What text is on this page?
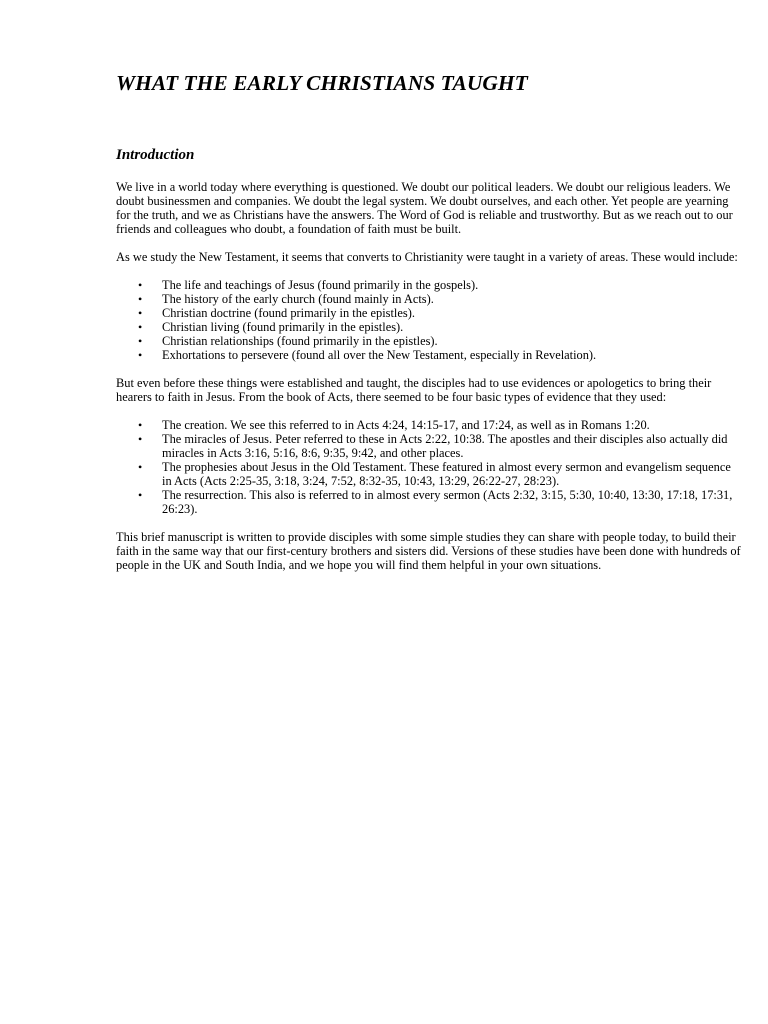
WHAT THE EARLY CHRISTIANS TAUGHT
Introduction

We live in a world today where everything is questioned. We doubt our political leaders. We doubt our religious leaders. We doubt businessmen and companies. We doubt the legal system. We doubt ourselves, and each other. Yet people are yearning for the truth, and we as Christians have the answers. The Word of God is reliable and trustworthy. But as we reach out to our friends and colleagues who doubt, a foundation of faith must be built.

As we study the New Testament, it seems that converts to Christianity were taught in a variety of areas. These would include:

• The life and teachings of Jesus (found primarily in the gospels).
• The history of the early church (found mainly in Acts).
• Christian doctrine (found primarily in the epistles).
• Christian living (found primarily in the epistles).
• Christian relationships (found primarily in the epistles).
• Exhortations to persevere (found all over the New Testament, especially in Revelation).

But even before these things were established and taught, the disciples had to use evidences or apologetics to bring their hearers to faith in Jesus. From the book of Acts, there seemed to be four basic types of evidence that they used:

• The creation. We see this referred to in Acts 4:24, 14:15-17, and 17:24, as well as in Romans 1:20.
• The miracles of Jesus. Peter referred to these in Acts 2:22, 10:38. The apostles and their disciples also actually did miracles in Acts 3:16, 5:16, 8:6, 9:35, 9:42, and other places.
• The prophesies about Jesus in the Old Testament. These featured in almost every sermon and evangelism sequence in Acts (Acts 2:25-35, 3:18, 3:24, 7:52, 8:32-35, 10:43, 13:29, 26:22-27, 28:23).
• The resurrection. This also is referred to in almost every sermon (Acts 2:32, 3:15, 5:30, 10:40, 13:30, 17:18, 17:31, 26:23).

This brief manuscript is written to provide disciples with some simple studies they can share with people today, to build their faith in the same way that our first-century brothers and sisters did. Versions of these studies have been done with hundreds of people in the UK and South India, and we hope you will find them helpful in your own situations.
